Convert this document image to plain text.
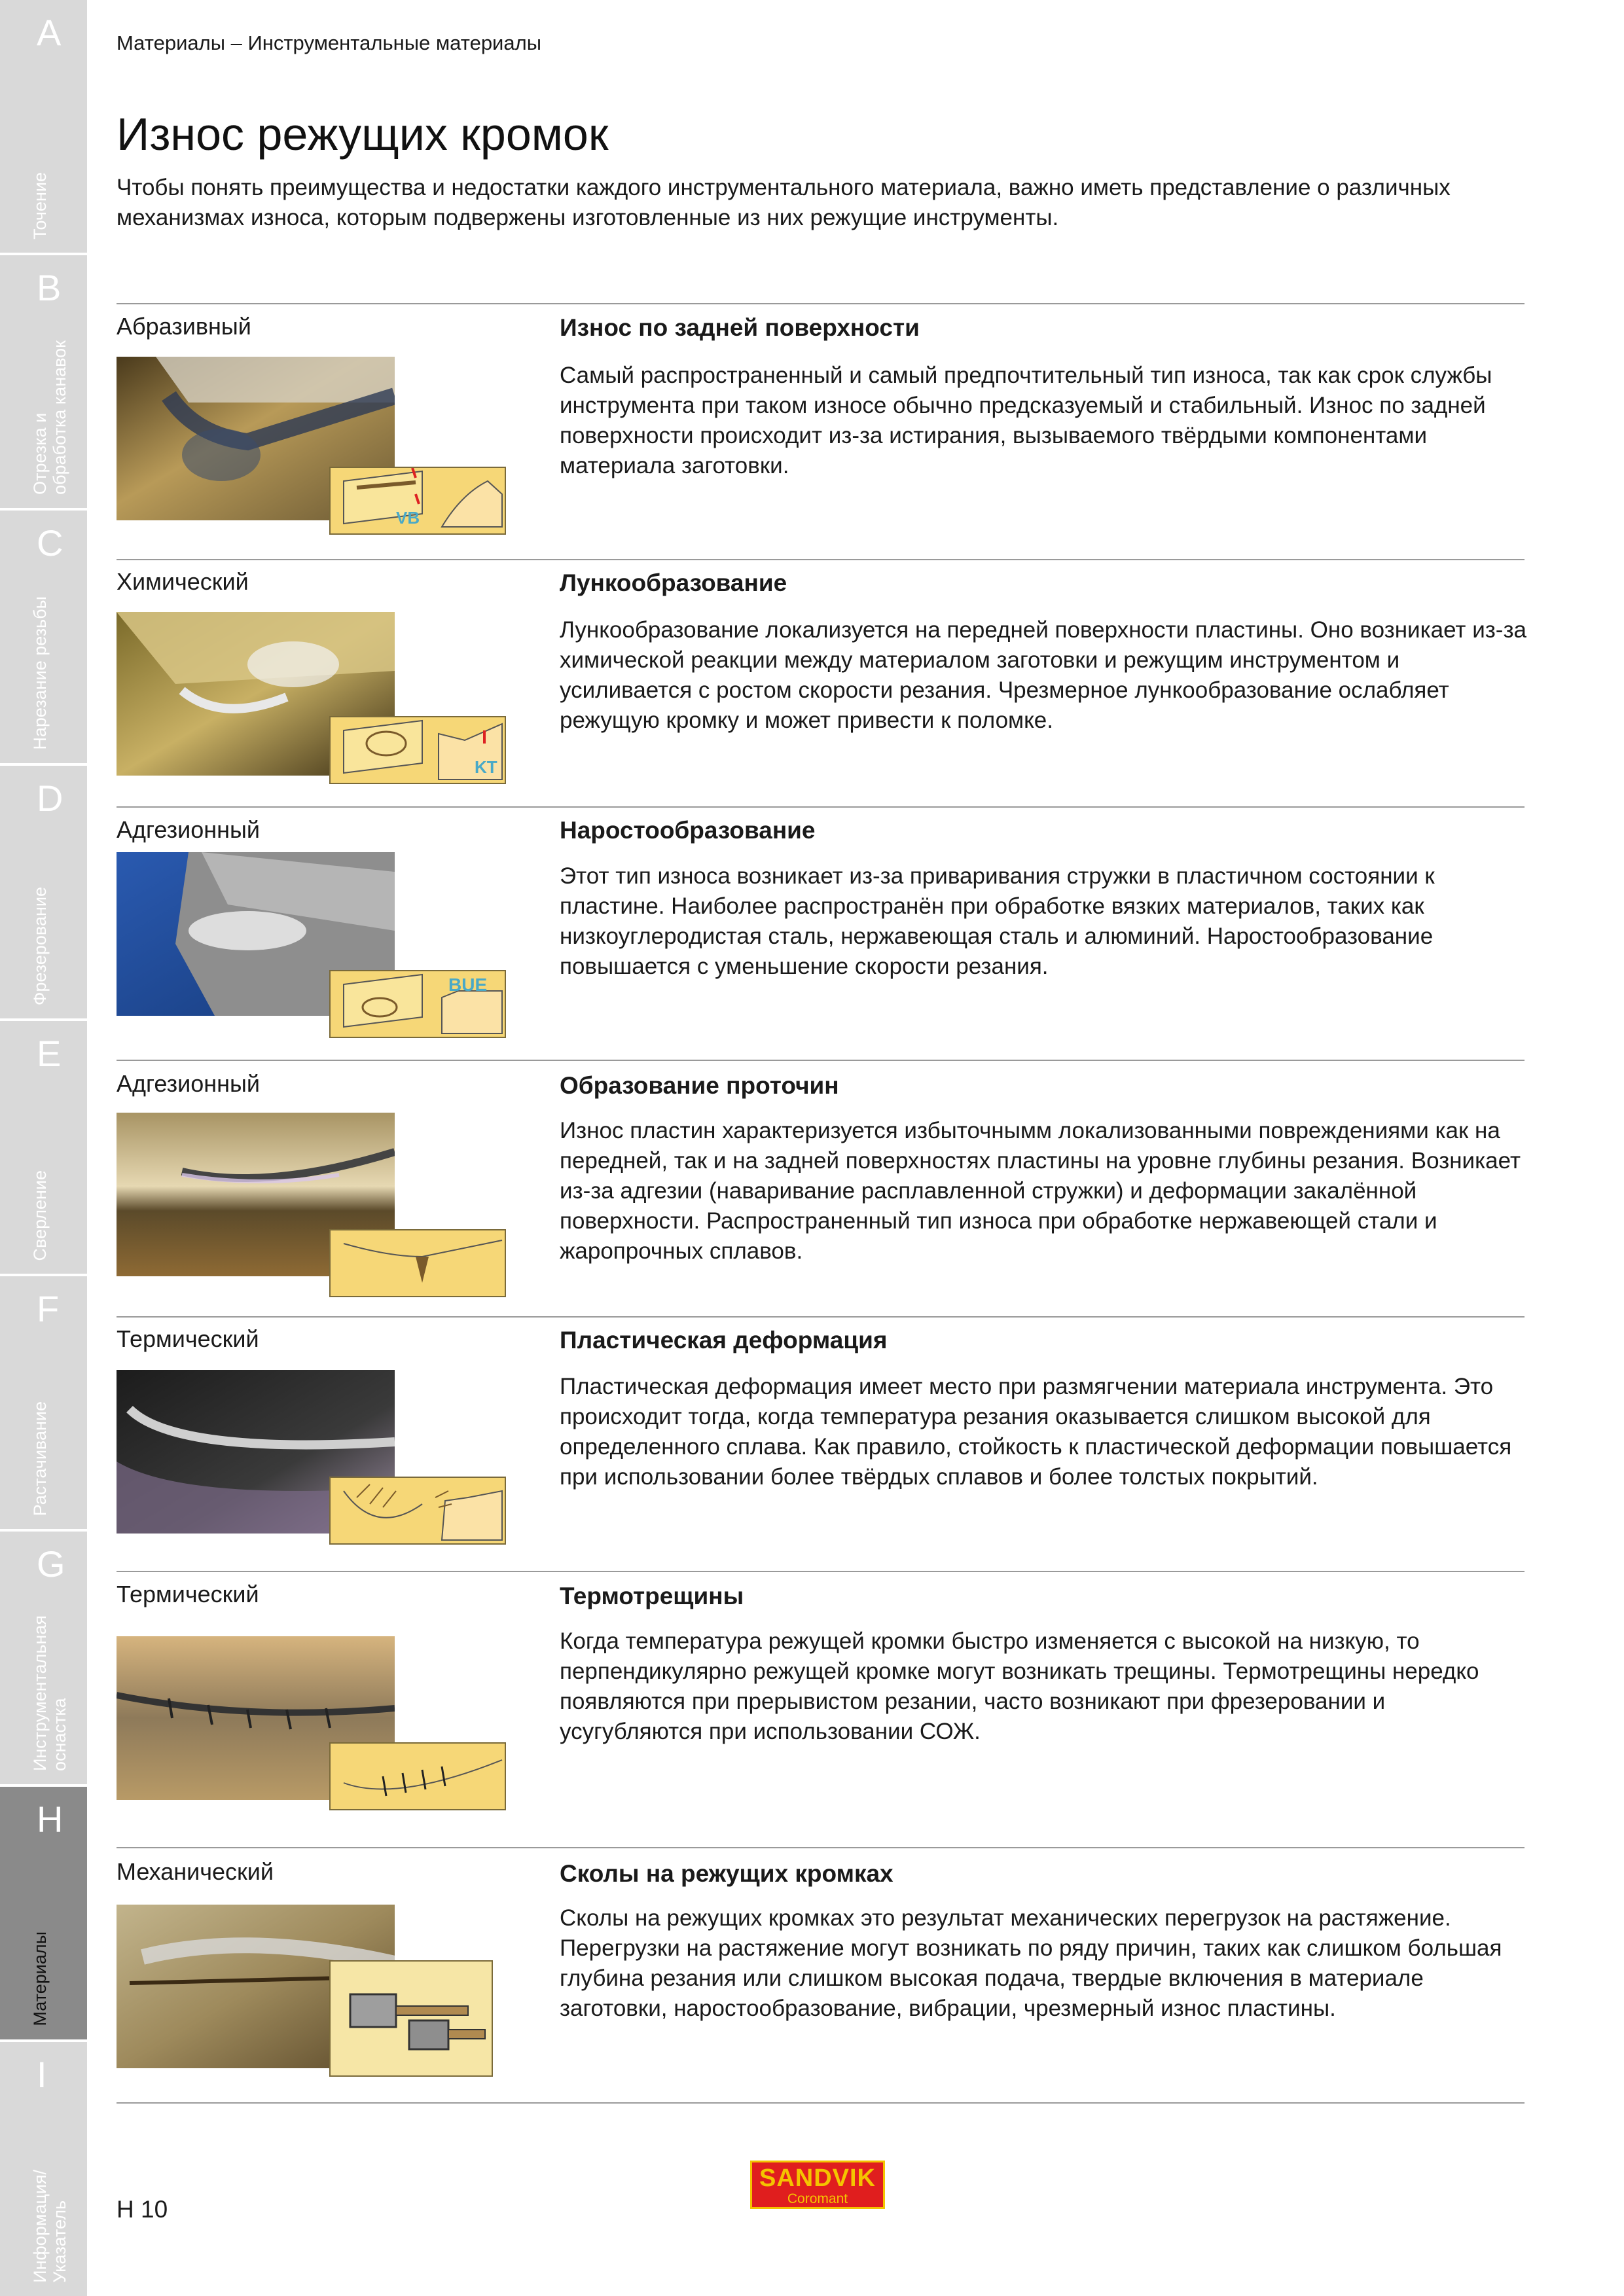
A
Точение
B
Отрезка и
обработка канавок
C
Нарезание резьбы
D
Фрезерование
E
Сверление
F
Растачивание
G
Инструментальная
оснастка
H
Материалы
I
Информация/
Указатель
Материалы – Инструментальные материалы
Износ режущих кромок

Чтобы понять преимущества и недостатки каждого инструментального материала, важно иметь представление о различных механизмах износа, которым подвержены изготовленные из них режущие инструменты.

Абразивный
VB
Износ по задней поверхности

Самый распространенный и самый предпочтительный тип износа, так как срок службы инструмента при таком износе обычно предсказуемый и стабильный. Износ по задней поверхности происходит из-за истирания, вызываемого твёрдыми компонентами материала заготовки.

Химический
KT
Лункообразование

Лункообразование локализуется на передней поверхности пластины. Оно возникает из-за химической реакции между материалом заготовки и режущим инструментом и усиливается с ростом скорости резания. Чрезмерное лункообразование ослабляет режущую кромку и может привести к поломке.

Адгезионный
BUE
Наростообразование

Этот тип износа возникает из-за приваривания стружки в пластичном состоянии к пластине. Наиболее распространён при обработке вязких материалов, таких как низкоуглеродистая сталь, нержавеющая сталь и алюминий. Наростообразование повышается с уменьшение скорости резания.

Адгезионный	Образование проточин

Износ пластин характеризуется избыточнымм локализованными повреждениями как на передней, так и на задней поверхностях пластины на уровне глубины резания. Возникает из-за адгезии (наваривание расплавленной стружки) и деформации закалённой поверхности. Распространенный тип износа при обработке нержавеющей стали и жаропрочных сплавов.

Термический	Пластическая деформация

Пластическая деформация имеет место при размягчении материала инструмента. Это происходит тогда, когда температура резания оказывается слишком высокой для определенного сплава. Как правило, стойкость к пластической деформации повышается при использовании более твёрдых сплавов и более толстых покрытий.

Термический	Термотрещины

Когда температура режущей кромки быстро изменяется с высокой на низкую, то перпендикулярно режущей кромке могут возникать трещины. Термотрещины нередко появляются при прерывистом резании, часто возникают при фрезеровании и усугубляются при использовании СОЖ.

Механический	Сколы на режущих кромках

Сколы на режущих кромках это результат механических перегрузок на растяжение. Перегрузки на растяжение могут возникать по ряду причин, таких как слишком большая глубина резания или слишком высокая подача, твердые включения в материале заготовки, наростообразование, вибрации, чрезмерный износ пластины.

H 10
SANDVIK
Coromant
